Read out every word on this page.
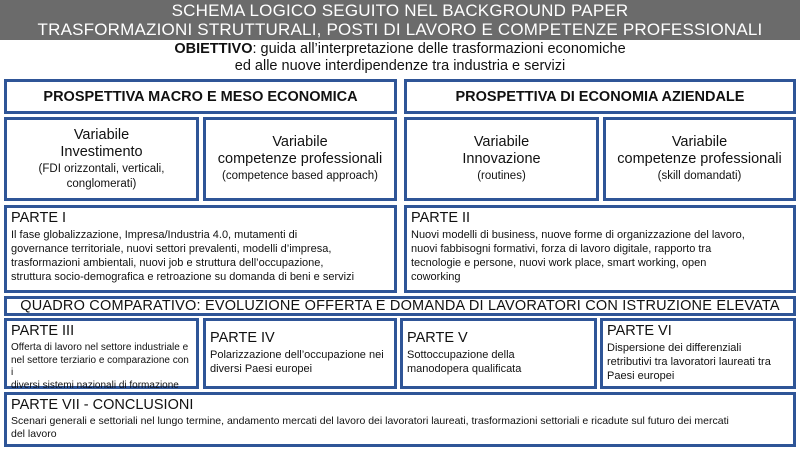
SCHEMA LOGICO SEGUITO NEL BACKGROUND PAPER
TRASFORMAZIONI STRUTTURALI, POSTI DI LAVORO E COMPETENZE PROFESSIONALI
OBIETTIVO: guida all’interpretazione delle trasformazioni economiche
ed alle nuove interdipendenze tra industria e servizi
PROSPETTIVA MACRO E MESO ECONOMICA	PROSPETTIVA DI ECONOMIA AZIENDALE
Variabile
Investimento
(FDI orizzontali, verticali,
conglomerati)
Variabile
competenze professionali
(competence based approach)
Variabile
Innovazione
(routines)
Variabile
competenze professionali
(skill domandati)
PARTE I
Il fase globalizzazione, Impresa/Industria 4.0, mutamenti di
governance territoriale, nuovi settori prevalenti, modelli d’impresa,
trasformazioni ambientali, nuovi job e struttura dell’occupazione,
struttura socio-demografica e retroazione su domanda di beni e servizi
PARTE II
Nuovi modelli di business, nuove forme di organizzazione del lavoro,
nuovi fabbisogni formativi, forza di lavoro digitale, rapporto tra
tecnologie e persone, nuovi work place, smart working, open
coworking
QUADRO COMPARATIVO: EVOLUZIONE OFFERTA E DOMANDA DI LAVORATORI CON ISTRUZIONE ELEVATA
PARTE III
Offerta di lavoro nel settore industriale e
nel settore terziario e comparazione con i
diversi sistemi nazionali di formazione
PARTE IV
Polarizzazione dell’occupazione nei
diversi Paesi europei
PARTE V
Sottoccupazione della
manodopera qualificata
PARTE VI
Dispersione dei differenziali
retributivi tra lavoratori laureati tra
Paesi europei
PARTE VII - CONCLUSIONI
Scenari generali e settoriali nel lungo termine, andamento mercati del lavoro dei lavoratori laureati, trasformazioni settoriali e ricadute sul futuro dei mercati
del lavoro
